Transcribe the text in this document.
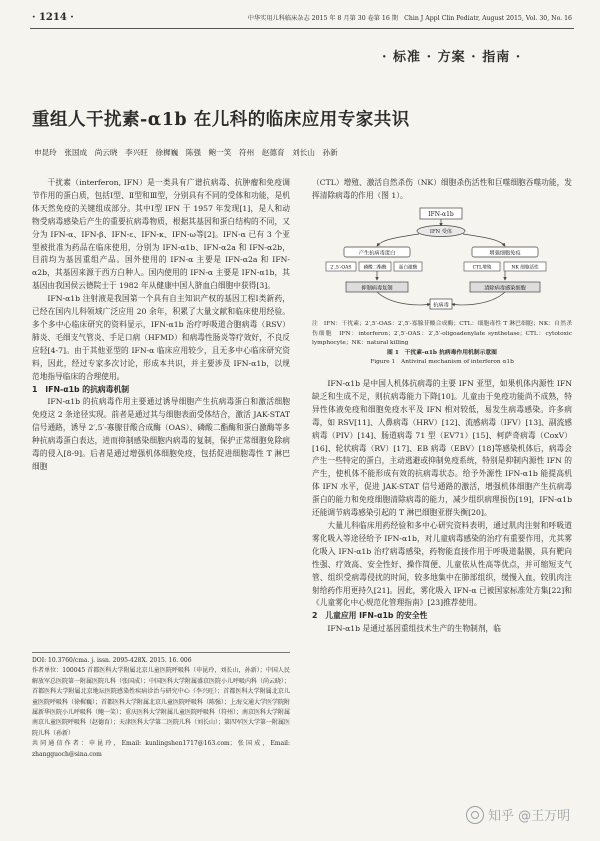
· 1214 ·	中华实用儿科临床杂志 2015 年 8 月第 30 卷第 16 期　Chin J Appl Clin Pediatr, August 2015, Vol. 30, No. 16
· 标准 · 方案 · 指南 ·
重组人干扰素-α1b 在儿科的临床应用专家共识
申昆玲　张国成　尚云晓　李兴旺　徐樨巍　陈强　鲍一笑　符州　赵德育　刘长山　孙新

干扰素（interferon, IFN）是一类具有广谱抗病毒、抗肿瘤和免疫调节作用的蛋白质，包括Ⅰ型、Ⅱ型和Ⅲ型，分别具有不同的受体和功能，是机体天然免疫的关键组成部分。其中Ⅰ型 IFN 于 1957 年发现[1]，是人和动物受病毒感染后产生的重要抗病毒物质，根据其基因和蛋白结构的不同，又分为 IFN-α、IFN-β、IFN-ε、IFN-κ、IFN-ω等[2]。IFN-α 已有 3 个亚型被批准为药品在临床使用，分别为 IFN-α1b、IFN-α2a 和 IFN-α2b，目前均为基因重组产品。国外使用的 IFN-α 主要是 IFN-α2a 和 IFN-α2b，其基因来源于西方白种人。国内使用的 IFN-α 主要是 IFN-α1b，其基因由我国侯云德院士于 1982 年从健康中国人脐血白细胞中获得[3]。

IFN-α1b 注射液是我国第一个具有自主知识产权的基因工程Ⅰ类新药，已经在国内儿科领域广泛应用 20 余年，积累了大量文献和临床使用经验。多个多中心临床研究的资料显示，IFN-α1b 治疗呼吸道合胞病毒（RSV）肺炎、毛细支气管炎、手足口病（HFMD）和病毒性肠炎等疗效好，不良反应轻[4-7]。由于其他亚型的 IFN-α 临床应用较少，且无多中心临床研究资料，因此，经过专家多次讨论，形成本共识，并主要涉及 IFN-α1b，以规范地指导临床的合理使用。

1　IFN-α1b 的抗病毒机制

IFN-α1b 的抗病毒作用主要通过诱导细胞产生抗病毒蛋白和激活细胞免疫这 2 条途径实现。前者是通过其与细胞表面受体结合，激活 JAK-STAT 信号通路，诱导 2′,5′-寡腺苷酸合成酶（OAS）、磷酸二酯酶和蛋白激酶等多种抗病毒蛋白表达，进而抑制感染细胞内病毒的复制，保护正常细胞免除病毒的侵入[8-9]。后者是通过增强机体细胞免疫，包括促进细胞毒性 T 淋巴细胞

DOI: 10.3760/cma. j. issn. 2095-428X. 2015. 16. 006

作者单位：100045 首都医科大学附属北京儿童医院呼吸科（申昆玲，刘长山，孙新）；中国人民解放军总医院第一附属医院儿科（张国成）；中国医科大学附属盛京医院小儿呼吸内科（尚云晓）；首都医科大学附属北京地坛医院感染性疾病诊治与研究中心（李兴旺）；首都医科大学附属北京儿童医院呼吸科（徐樨巍）；首都医科大学附属北京儿童医院呼吸科（陈强）；上海交通大学医学院附属新华医院小儿呼吸科（鲍一笑）；重庆医科大学附属儿童医院呼吸科（符州）；南京医科大学附属南京儿童医院呼吸科（赵德育）；天津医科大学第二医院儿科（刘长山）；第四军医大学第一附属医院儿科（孙新）

共同通信作者：申昆玲，Email: kunlingshen1717@163.com；张国成，Email: zhangguoch@sina.com

（CTL）增殖、激活自然杀伤（NK）细胞杀伤活性和巨噬细胞吞噬功能，发挥清除病毒的作用（图 1）。

IFN-α1b
IFN 受体
产生抗病毒蛋白
2′,5′-OAS	磷酸二酯酶	蛋白激酶
抑制病毒复制
增强细胞免疫
CTL增殖	NK 细胞活性
清除病毒感染细胞
抗病毒

注　IFN：干扰素；2′,5′-OAS：2′,5′-寡腺苷酸合成酶；CTL：细胞毒性 T 淋巴细胞；NK：自然杀伤细胞　IFN：interferon；2′,5′-OAS：2′,5′-oligoadenylate synthetase；CTL：cytotoxic lymphocyte；NK：natural killing

图 1　干扰素-α1b 抗病毒作用机制示意图

Figure 1　Antiviral mechanism of interferon α1b

IFN-α1b 是中国人机体抗病毒的主要 IFN 亚型，如果机体内源性 IFN 缺乏和生成不足，则抗病毒能力下降[10]。儿童由于免疫功能尚不成熟，特异性体液免疫和细胞免疫水平及 IFN 相对较低，易发生病毒感染。许多病毒，如 RSV[11]、人鼻病毒（HRV）[12]、流感病毒（IFV）[13]、副流感病毒（PIV）[14]、肠道病毒 71 型（EV71）[15]、柯萨奇病毒（CoxV）[16]、轮状病毒（RV）[17]、EB 病毒（EBV）[18]等感染机体后，病毒会产生一些特定的蛋白，主动逃避或抑制免疫系统，特别是抑制内源性 IFN 的产生，使机体不能形成有效的抗病毒状态。给予外源性 IFN-α1b 能提高机体 IFN 水平，促进 JAK-STAT 信号通路的激活，增强机体细胞产生抗病毒蛋白的能力和免疫细胞清除病毒的能力，减少组织病理损伤[19]，IFN-α1b 还能调节病毒感染引起的 T 淋巴细胞亚群失衡[20]。

大量儿科临床用药经验和多中心研究资料表明，通过肌肉注射和呼吸道雾化吸入等途径给予 IFN-α1b，对儿童病毒感染的治疗有重要作用，尤其雾化吸入 IFN-α1b 治疗病毒感染，药物能直接作用于呼吸道黏膜，具有靶向性强、疗效高、安全性好、操作简便、儿童依从性高等优点，并可缩短支气管、组织受病毒侵扰的时间，较多地集中在肺部组织，缓慢入血，较肌肉注射给药作用更持久[21]。因此，雾化吸入 IFN-α 已被国家标准处方集[22]和《儿童雾化中心规范化管理指南》[23]推荐使用。

2　儿童应用 IFN-α1b 的安全性

IFN-α1b 是通过基因重组技术生产的生物制剂，临

知乎 @王万明
